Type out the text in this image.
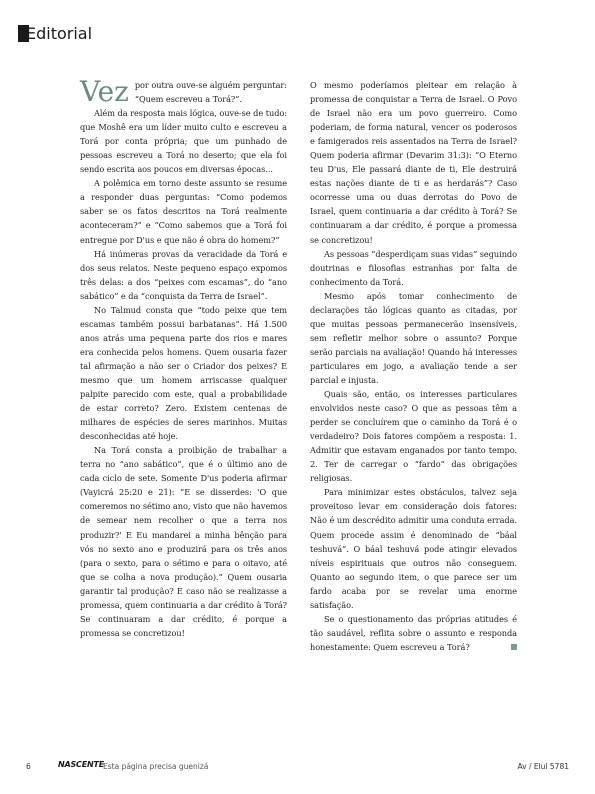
Editorial

Vez por outra ouve-se alguém perguntar: “Quem escreveu a Torá?”.

Além da resposta mais lógica, ouve-se de tudo: que Moshê era um líder muito culto e escreveu a Torá por conta própria; que um punhado de pessoas escreveu a Torá no deserto; que ela foi sendo escrita aos poucos em diversas épocas...

A polêmica em torno deste assunto se resume a responder duas perguntas: “Como podemos saber se os fatos descritos na Torá realmente aconteceram?” e “Como sabemos que a Torá foi entregue por D'us e que não é obra do homem?”

Há inúmeras provas da veracidade da Torá e dos seus relatos. Neste pequeno espaço expomos três delas: a dos “peixes com escamas”, do “ano sabático” e da “conquista da Terra de Israel”.

No Talmud consta que “todo peixe que tem escamas também possui barbatanas”. Há 1.500 anos atrás uma pequena parte dos rios e mares era conhecida pelos homens. Quem ousaria fazer tal afirmação a não ser o Criador dos peixes? E mesmo que um homem arriscasse qualquer palpite parecido com este, qual a probabilidade de estar correto? Zero. Existem centenas de milhares de espécies de seres marinhos. Muitas desconhecidas até hoje.

Na Torá consta a proibição de trabalhar a terra no “ano sabático”, que é o último ano de cada ciclo de sete. Somente D'us poderia afirmar (Vayicrá 25:20 e 21): “E se disserdes: 'O que comeremos no sétimo ano, visto que não havemos de semear nem recolher o que a terra nos produzir?' E Eu mandarei a minha bênção para vós no sexto ano e produzirá para os três anos (para o sexto, para o sétimo e para o oitavo, até que se colha a nova produção).” Quem ousaria garantir tal produção? E caso não se realizasse a promessa, quem continuaria a dar crédito à Torá? Se continuaram a dar crédito, é porque a promessa se concretizou!

O mesmo poderíamos pleitear em relação à promessa de conquistar a Terra de Israel. O Povo de Israel não era um povo guerreiro. Como poderiam, de forma natural, vencer os poderosos e famigerados reis assentados na Terra de Israel? Quem poderia afirmar (Devarim 31:3): “O Eterno teu D'us, Ele passará diante de ti, Ele destruirá estas nações diante de ti e as herdarás”? Caso ocorresse uma ou duas derrotas do Povo de Israel, quem continuaria a dar crédito à Torá? Se continuaram a dar crédito, é porque a promessa se concretizou!

As pessoas “desperdiçam suas vidas” seguindo doutrinas e filosofias estranhas por falta de conhecimento da Torá.

Mesmo após tomar conhecimento de declarações tão lógicas quanto as citadas, por que muitas pessoas permanecerão insensíveis, sem refletir melhor sobre o assunto? Porque serão parciais na avaliação! Quando há interesses particulares em jogo, a avaliação tende a ser parcial e injusta.

Quais são, então, os interesses particulares envolvidos neste caso? O que as pessoas têm a perder se concluírem que o caminho da Torá é o verdadeiro? Dois fatores compõem a resposta: 1. Admitir que estavam enganados por tanto tempo. 2. Ter de carregar o “fardo” das obrigações religiosas.

Para minimizar estes obstáculos, talvez seja proveitoso levar em consideração dois fatores: Não é um descrédito admitir uma conduta errada. Quem procede assim é denominado de “báal teshuvá”. O báal teshuvá pode atingir elevados níveis espirituais que outros não conseguem. Quanto ao segundo item, o que parece ser um fardo acaba por se revelar uma enorme satisfação.

Se o questionamento das próprias atitudes é tão saudável, reflita sobre o assunto e responda honestamente: Quem escreveu a Torá?

6	NASCENTE
Esta página precisa guenizá	Av / Elul 5781
